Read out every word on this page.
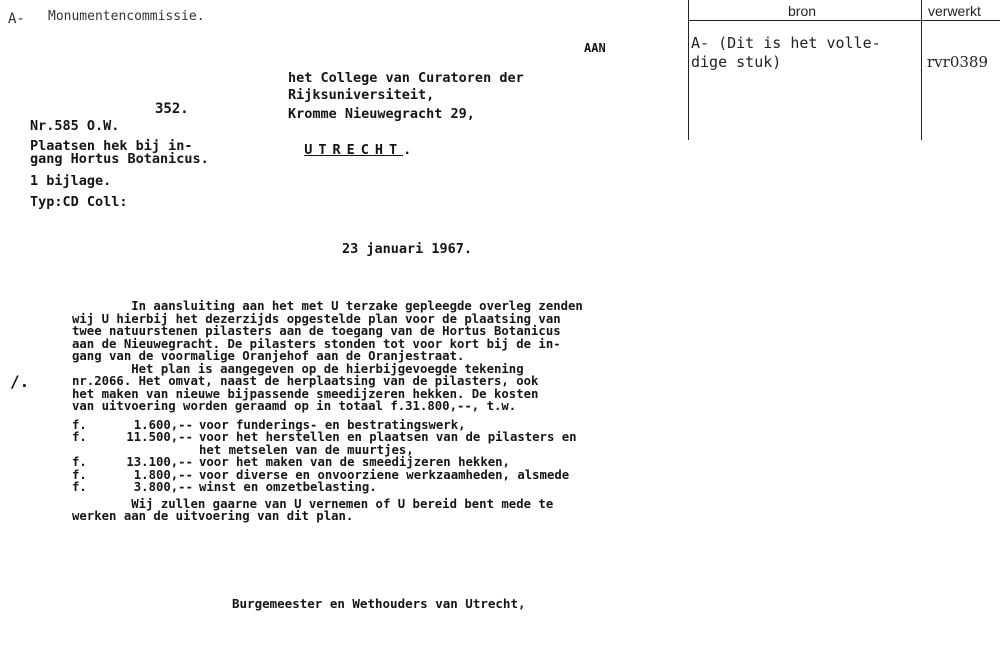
A- Monumentencommissie.
AAN
het College van Curatoren der
Rijksuniversiteit,
Kromme Nieuwegracht 29,

UTRECHT.

352.
Nr.585 O.W.
Plaatsen hek bij in-
gang Hortus Botanicus.
1 bijlage.
Typ:CD Coll:
23 januari 1967.
/.
In aansluiting aan het met U terzake gepleegde overleg zenden
wij U hierbij het dezerzijds opgestelde plan voor de plaatsing van
twee natuurstenen pilasters aan de toegang van de Hortus Botanicus
aan de Nieuwegracht. De pilasters stonden tot voor kort bij de in-
gang van de voormalige Oranjehof aan de Oranjestraat.
Het plan is aangegeven op de hierbijgevoegde tekening
nr.2066. Het omvat, naast de herplaatsing van de pilasters, ook
het maken van nieuwe bijpassende smeedijzeren hekken. De kosten
van uitvoering worden geraamd op in totaal f.31.800,--, t.w.
f.	1.600,-- voor funderings- en bestratingswerk,
f.	11.500,-- voor het herstellen en plaatsen van de pilasters en
het metselen van de muurtjes,
f.	13.100,-- voor het maken van de smeedijzeren hekken,
f.	1.800,-- voor diverse en onvoorziene werkzaamheden, alsmede
f.	3.800,-- winst en omzetbelasting.
Wij zullen gaarne van U vernemen of U bereid bent mede te
werken aan de uitvoering van dit plan.
Burgemeester en Wethouders van Utrecht,
bron	verwerkt
A- (Dit is het volle-
dige stuk)	rvr0389
